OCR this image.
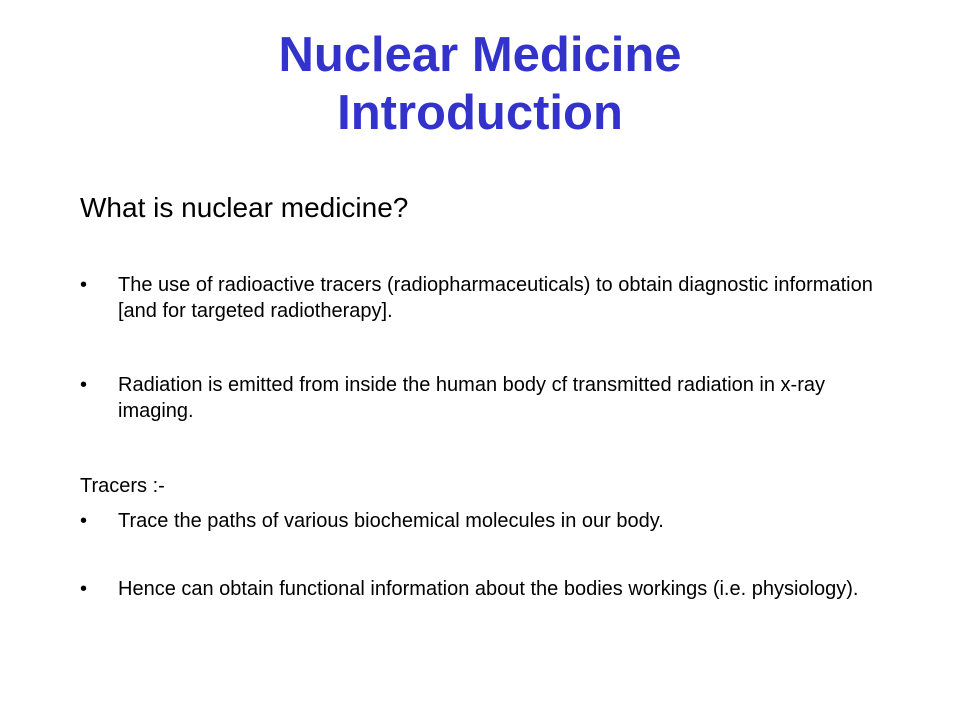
Nuclear Medicine
Introduction

What is nuclear medicine?

•	The use of radioactive tracers (radiopharmaceuticals) to obtain diagnostic information [and for targeted radiotherapy].
•	Radiation is emitted from inside the human body cf transmitted radiation in x-ray imaging.
Tracers :-
•	Trace the paths of various biochemical molecules in our body.
•	Hence can obtain functional information about the bodies workings (i.e. physiology).
